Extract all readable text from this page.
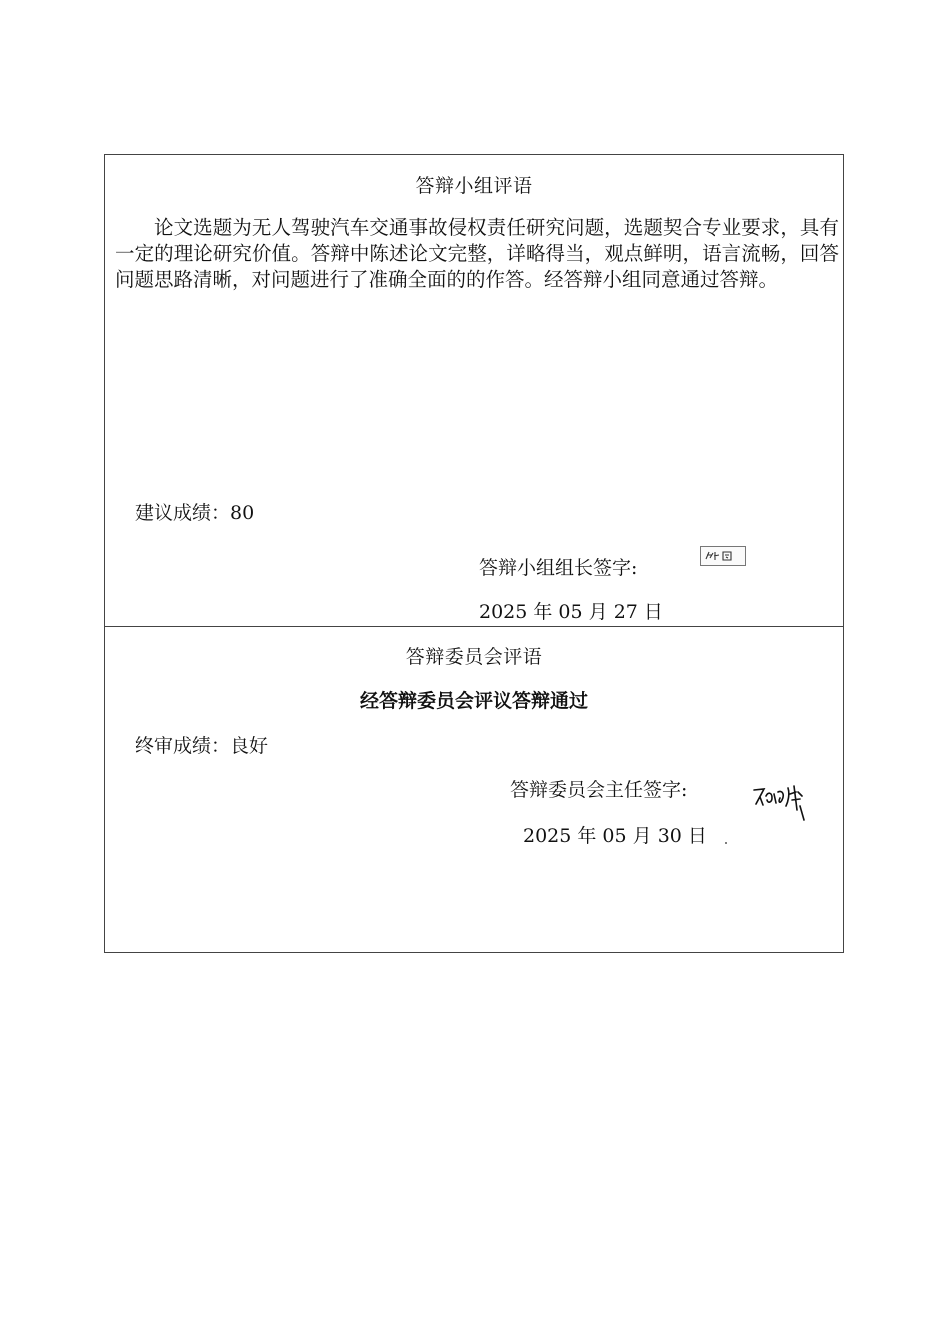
答辩小组评语
论文选题为无人驾驶汽车交通事故侵权责任研究问题，选题契合专业要求，具有一定的理论研究价值。答辩中陈述论文完整，详略得当，观点鲜明，语言流畅，回答问题思路清晰，对问题进行了准确全面的的作答。经答辩小组同意通过答辩。
建议成绩：80
答辩小组组长签字:
2025 年 05 月 27 日
答辩委员会评语
经答辩委员会评议答辩通过
终审成绩：良好
答辩委员会主任签字:
2025 年 05 月 30 日
